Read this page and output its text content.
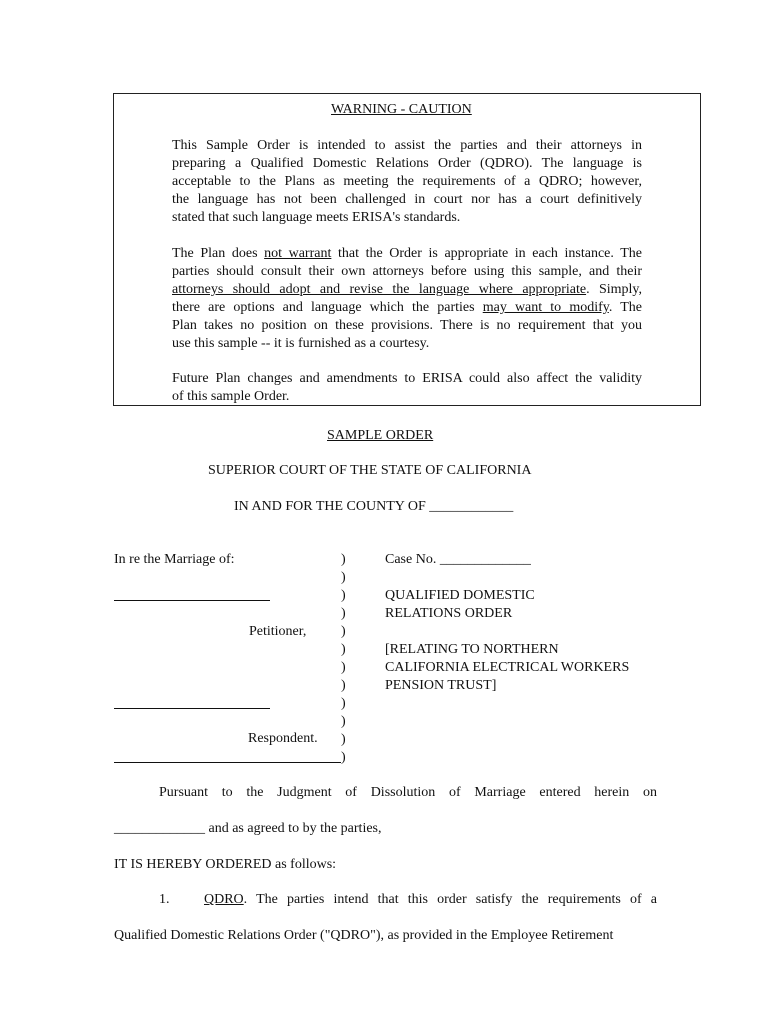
WARNING - CAUTION
This Sample Order is intended to assist the parties and their attorneys in
preparing a Qualified Domestic Relations Order (QDRO). The language is
acceptable to the Plans as meeting the requirements of a QDRO; however,
the language has not been challenged in court nor has a court definitively
stated that such language meets ERISA's standards.
The Plan does not warrant that the Order is appropriate in each instance. The
parties should consult their own attorneys before using this sample, and their
attorneys should adopt and revise the language where appropriate. Simply,
there are options and language which the parties may want to modify. The
Plan takes no position on these provisions. There is no requirement that you
use this sample -- it is furnished as a courtesy.
Future Plan changes and amendments to ERISA could also affect the validity
of this sample Order.
SAMPLE ORDER
SUPERIOR COURT OF THE STATE OF CALIFORNIA
IN AND FOR THE COUNTY OF ____________
In re the Marriage of:
Petitioner,
Respondent.
)
)
)
)
)
)
)
)
)
)
)
)
Case No. _____________
QUALIFIED DOMESTIC
RELATIONS ORDER
[RELATING TO NORTHERN
CALIFORNIA ELECTRICAL WORKERS
PENSION TRUST]
Pursuant to the Judgment of Dissolution of Marriage entered herein on
_____________ and as agreed to by the parties,
IT IS HEREBY ORDERED as follows:
1. QDRO. The parties intend that this order satisfy the requirements of a
Qualified Domestic Relations Order ("QDRO"), as provided in the Employee Retirement
